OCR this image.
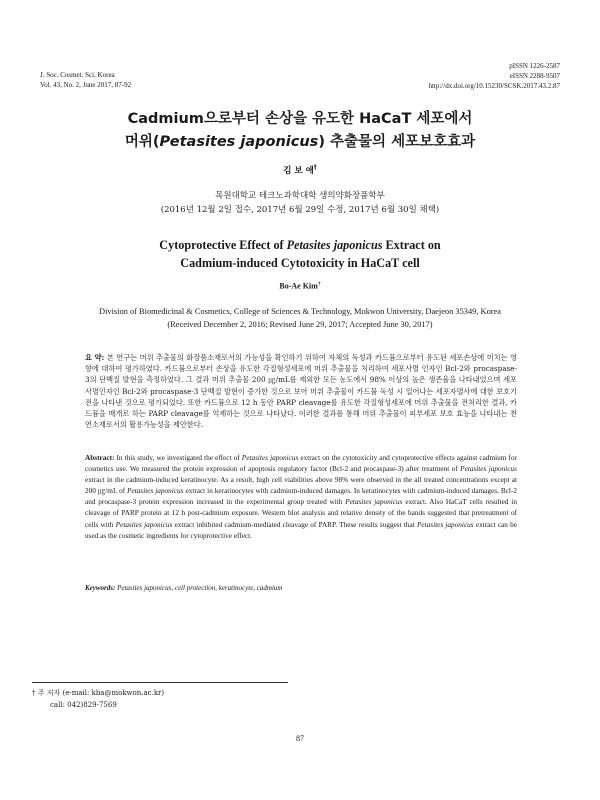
J. Soc. Cosmet. Sci. Korea
Vol. 43, No. 2, June 2017, 87-92
pISSN 1226-2587
eISSN 2288-9507
http://dx.doi.org/10.15230/SCSK.2017.43.2.87
Cadmium으로부터 손상을 유도한 HaCaT 세포에서
머위(Petasites japonicus) 추출물의 세포보호효과
김 보 애†
목원대학교 테크노과학대학 생의약화장품학부
(2016년 12월 2일 접수, 2017년 6월 29일 수정, 2017년 6월 30일 채택)
Cytoprotective Effect of Petasites japonicus Extract on
Cadmium-induced Cytotoxicity in HaCaT cell
Bo-Ae Kim†
Division of Biomedicinal & Cosmetics, College of Sciences & Technology, Mokwon University, Daejeon 35349, Korea
(Received December 2, 2016; Revised June 29, 2017; Accepted June 30, 2017)
요 약: 본 연구는 머위 추출물의 화장품소재로서의 가능성을 확인하기 위하여 자체의 독성과 카드뮴으로부터 유도된 세포손상에 미치는 영향에 대하여 평가하였다. 카드뮴으로부터 손상을 유도한 각질형성세포에 머위 추출물을 처리하여 세포사멸 인자인 Bcl-2와 procaspase-3의 단백질 발현을 측정하였다. 그 결과 머위 추출물 200 ㎍/mL를 제외한 모든 농도에서 98% 이상의 높은 생존율을 나타내었으며 세포사멸인자인 Bcl-2와 procaspase-3 단백질 발현이 증가한 것으로 보아 머위 추출물이 카드뮴 독성 시 일어나는 세포자멸사에 대한 보호기전을 나타낸 것으로 평가되었다. 또한 카드뮴으로 12 h 동안 PARP cleavage를 유도한 각질형성세포에 머위 추출물을 전처리한 결과, 카드뮴을 매개로 하는 PARP cleavage를 억제하는 것으로 나타났다. 이러한 결과를 통해 머위 추출물이 피부세포 보호 효능을 나타내는 천연소재로서의 활용가능성을 제안한다.
Abstract: In this study, we investigated the effect of Petasites japonicus extract on the cytotoxicity and cytoprotective effects against cadmium for cosmetics use. We measured the protein expression of apoptosis regulatory factor (Bcl-2 and procaspase-3) after treatment of Petasites japonicus extract in the cadmium-induced keratinocyte. As a result, high cell viabilities above 98% were observed in the all treated concentrations except at 200 ㎍/mL of Petasites japonicus extract in keratinocytes with cadmium-induced damages. In keratinocytes with cadmium-induced damages, Bcl-2 and procaspase-3 protein expression increased in the experimental group treated with Petasites japonicus extract. Also HaCaT cells resulted in cleavage of PARP protein at 12 h post-cadmium exposure. Western blot analysis and relative density of the bands suggested that pretreatment of cells with Petasites japonicus extract inhibited cadmium-mediated cleavage of PARP. These results suggest that Petasites japonicus extract can be used as the cosmetic ingredients for cytoprotective effect.
Keywords: Petasites japonicus, cell protection, keratinocyte, cadmium
† 주 저자 (e-mail: kba@mokwon.ac.kr)
call: 042)829-7569
87
